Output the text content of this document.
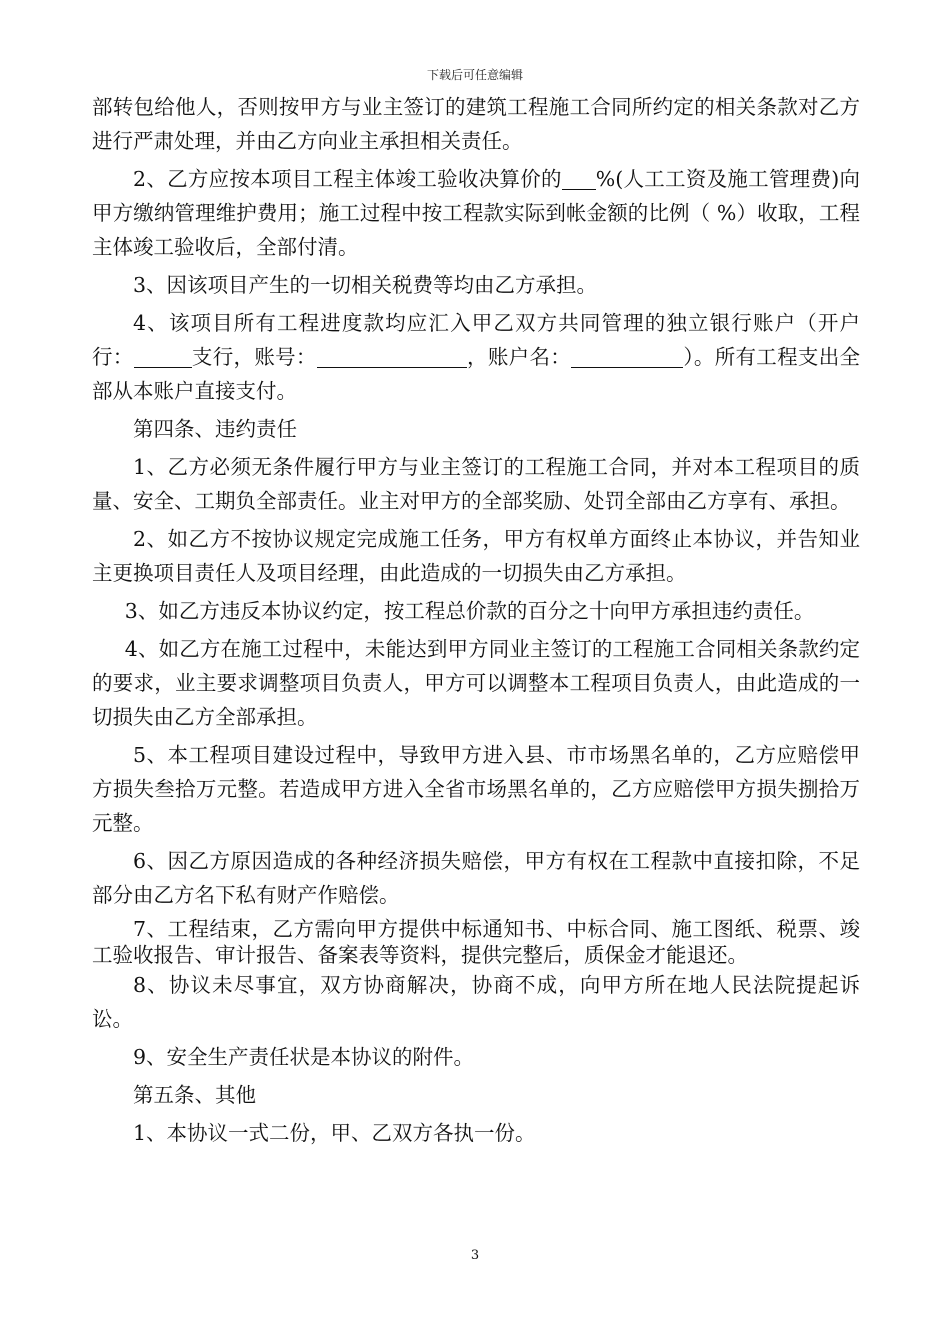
下载后可任意编辑

部转包给他人，否则按甲方与业主签订的建筑工程施工合同所约定的相关条款对乙方进行严肃处理，并由乙方向业主承担相关责任。

2、乙方应按本项目工程主体竣工验收决算价的 %(人工工资及施工管理费)向甲方缴纳管理维护费用；施工过程中按工程款实际到帐金额的比例（ %）收取，工程主体竣工验收后，全部付清。

3、因该项目产生的一切相关税费等均由乙方承担。

4、该项目所有工程进度款均应汇入甲乙双方共同管理的独立银行账户（开户行：	支行，账号：	，账户名：	）。所有工程支出全部从本账户直接支付。

第四条、违约责任

1、乙方必须无条件履行甲方与业主签订的工程施工合同，并对本工程项目的质量、安全、工期负全部责任。业主对甲方的全部奖励、处罚全部由乙方享有、承担。

2、如乙方不按协议规定完成施工任务，甲方有权单方面终止本协议，并告知业主更换项目责任人及项目经理，由此造成的一切损失由乙方承担。

3、如乙方违反本协议约定，按工程总价款的百分之十向甲方承担违约责任。

4、如乙方在施工过程中，未能达到甲方同业主签订的工程施工合同相关条款约定的要求，业主要求调整项目负责人，甲方可以调整本工程项目负责人，由此造成的一切损失由乙方全部承担。

5、本工程项目建设过程中，导致甲方进入县、市市场黑名单的，乙方应赔偿甲方损失叁拾万元整。若造成甲方进入全省市场黑名单的，乙方应赔偿甲方损失捌拾万元整。

6、因乙方原因造成的各种经济损失赔偿，甲方有权在工程款中直接扣除，不足部分由乙方名下私有财产作赔偿。

7、工程结束，乙方需向甲方提供中标通知书、中标合同、施工图纸、税票、竣工验收报告、审计报告、备案表等资料，提供完整后，质保金才能退还。

8、协议未尽事宜，双方协商解决，协商不成，向甲方所在地人民法院提起诉讼。

9、安全生产责任状是本协议的附件。

第五条、其他

1、本协议一式二份，甲、乙双方各执一份。

3
